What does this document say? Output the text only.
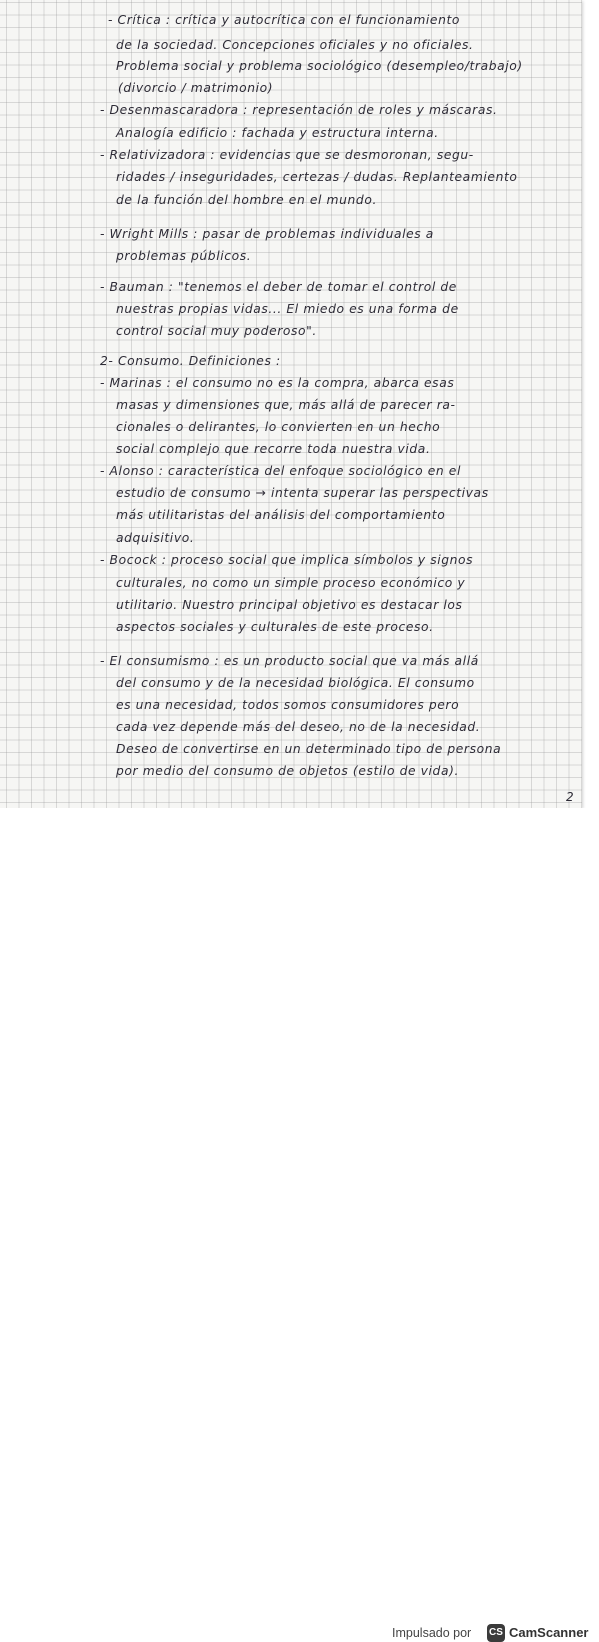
- Crítica : crítica y autocrítica con el funcionamiento
de la sociedad. Concepciones oficiales y no oficiales.
Problema social y problema sociológico (desempleo/trabajo)
(divorcio / matrimonio)
- Desenmascaradora : representación de roles y máscaras.
Analogía edificio : fachada y estructura interna.
- Relativizadora : evidencias que se desmoronan, segu-
ridades / inseguridades, certezas / dudas. Replanteamiento
de la función del hombre en el mundo.
- Wright Mills : pasar de problemas individuales a
problemas públicos.
- Bauman : "tenemos el deber de tomar el control de
nuestras propias vidas... El miedo es una forma de
control social muy poderoso".
2- Consumo. Definiciones :
- Marinas : el consumo no es la compra, abarca esas
masas y dimensiones que, más allá de parecer ra-
cionales o delirantes, lo convierten en un hecho
social complejo que recorre toda nuestra vida.
- Alonso : característica del enfoque sociológico en el
estudio de consumo → intenta superar las perspectivas
más utilitaristas del análisis del comportamiento
adquisitivo.
- Bocock : proceso social que implica símbolos y signos
culturales, no como un simple proceso económico y
utilitario. Nuestro principal objetivo es destacar los
aspectos sociales y culturales de este proceso.
- El consumismo : es un producto social que va más allá
del consumo y de la necesidad biológica. El consumo
es una necesidad, todos somos consumidores pero
cada vez depende más del deseo, no de la necesidad.
Deseo de convertirse en un determinado tipo de persona
por medio del consumo de objetos (estilo de vida).
2
Impulsado por CS CamScanner
